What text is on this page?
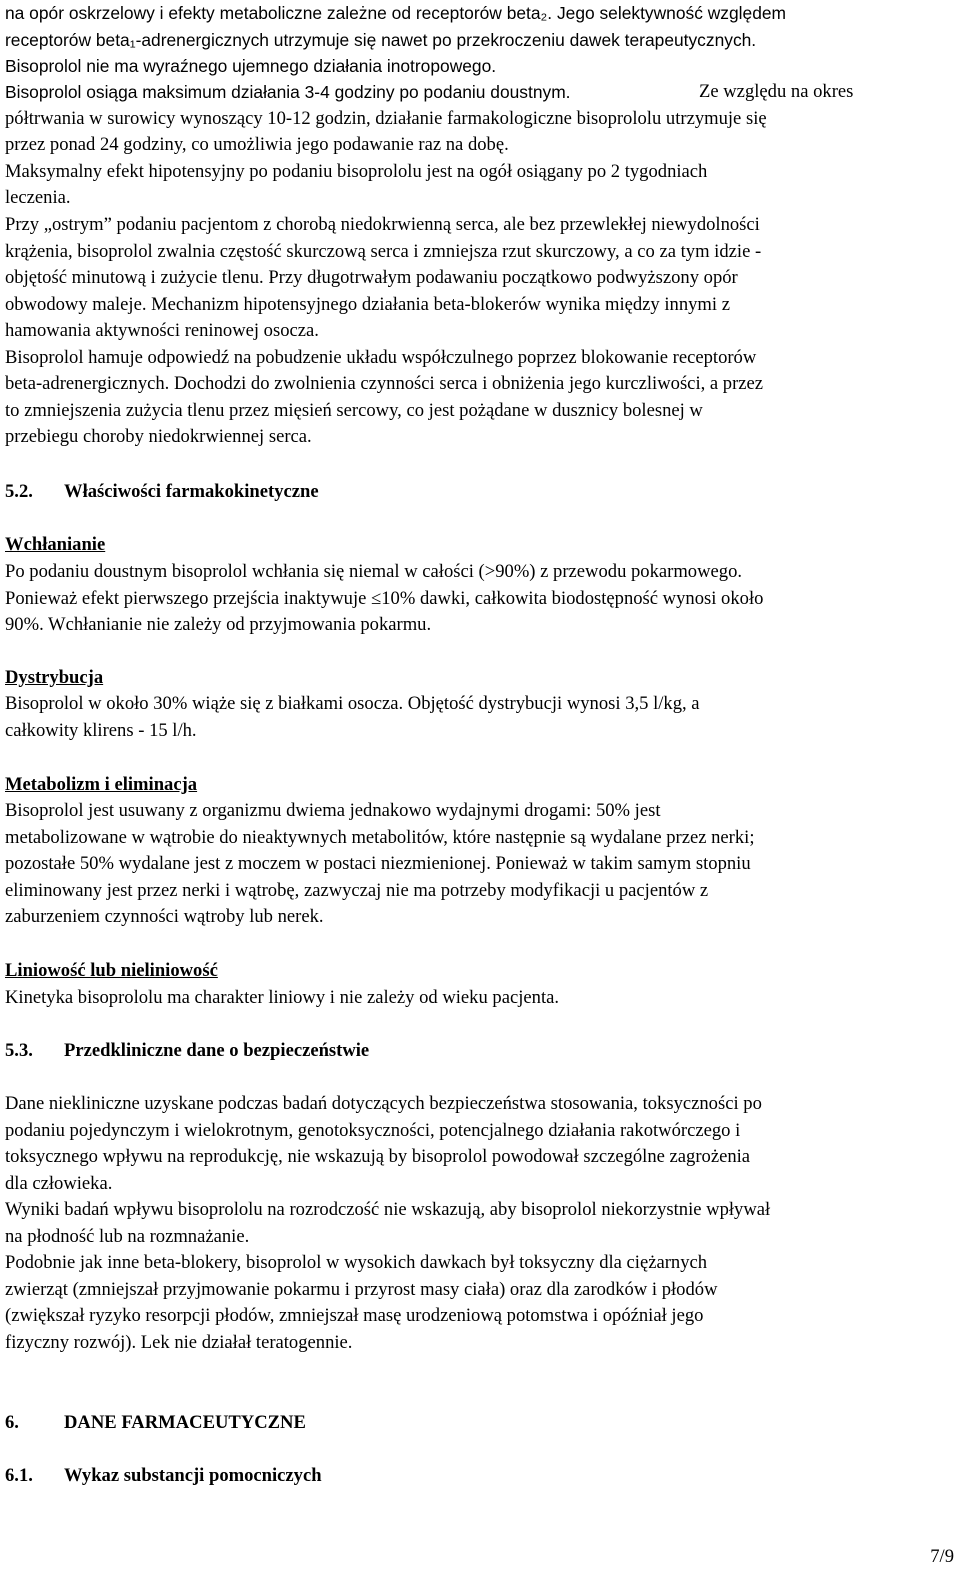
na opór oskrzelowy i efekty metaboliczne zależne od receptorów beta₂. Jego selektywność względem
receptorów beta₁-adrenergicznych utrzymuje się nawet po przekroczeniu dawek terapeutycznych.
Bisoprolol nie ma wyraźnego ujemnego działania inotropowego.

Bisoprolol osiąga maksimum działania 3-4 godziny po podaniu doustnym.	Ze względu na okres
półtrwania w surowicy wynoszący 10-12 godzin, działanie farmakologiczne bisoprololu utrzymuje się
przez ponad 24 godziny, co umożliwia jego podawanie raz na dobę.
Maksymalny efekt hipotensyjny po podaniu bisoprololu jest na ogół osiągany po 2 tygodniach
leczenia.

Przy „ostrym” podaniu pacjentom z chorobą niedokrwienną serca, ale bez przewlekłej niewydolności
krążenia, bisoprolol zwalnia częstość skurczową serca i zmniejsza rzut skurczowy, a co za tym idzie -
objętość minutową i zużycie tlenu. Przy długotrwałym podawaniu początkowo podwyższony opór
obwodowy maleje. Mechanizm hipotensyjnego działania beta-blokerów wynika między innymi z
hamowania aktywności reninowej osocza.
Bisoprolol hamuje odpowiedź na pobudzenie układu współczulnego poprzez blokowanie receptorów
beta-adrenergicznych. Dochodzi do zwolnienia czynności serca i obniżenia jego kurczliwości, a przez
to zmniejszenia zużycia tlenu przez mięsień sercowy, co jest pożądane w dusznicy bolesnej w
przebiegu choroby niedokrwiennej serca.

5.2. Właściwości farmakokinetyczne
Wchłanianie

Po podaniu doustnym bisoprolol wchłania się niemal w całości (>90%) z przewodu pokarmowego.
Ponieważ efekt pierwszego przejścia inaktywuje ≤10% dawki, całkowita biodostępność wynosi około
90%. Wchłanianie nie zależy od przyjmowania pokarmu.

Dystrybucja

Bisoprolol w około 30% wiąże się z białkami osocza. Objętość dystrybucji wynosi 3,5 l/kg, a
całkowity klirens - 15 l/h.

Metabolizm i eliminacja

Bisoprolol jest usuwany z organizmu dwiema jednakowo wydajnymi drogami: 50% jest
metabolizowane w wątrobie do nieaktywnych metabolitów, które następnie są wydalane przez nerki;
pozostałe 50% wydalane jest z moczem w postaci niezmienionej. Ponieważ w takim samym stopniu
eliminowany jest przez nerki i wątrobę, zazwyczaj nie ma potrzeby modyfikacji u pacjentów z
zaburzeniem czynności wątroby lub nerek.

Liniowość lub nieliniowość

Kinetyka bisoprololu ma charakter liniowy i nie zależy od wieku pacjenta.

5.3. Przedkliniczne dane o bezpieczeństwie

Dane niekliniczne uzyskane podczas badań dotyczących bezpieczeństwa stosowania, toksyczności po
podaniu pojedynczym i wielokrotnym, genotoksyczności, potencjalnego działania rakotwórczego i
toksycznego wpływu na reprodukcję, nie wskazują by bisoprolol powodował szczególne zagrożenia
dla człowieka.
Wyniki badań wpływu bisoprololu na rozrodczość nie wskazują, aby bisoprolol niekorzystnie wpływał
na płodność lub na rozmnażanie.
Podobnie jak inne beta-blokery, bisoprolol w wysokich dawkach był toksyczny dla ciężarnych
zwierząt (zmniejszał przyjmowanie pokarmu i przyrost masy ciała) oraz dla zarodków i płodów
(zwiększał ryzyko resorpcji płodów, zmniejszał masę urodzeniową potomstwa i opóźniał jego
fizyczny rozwój). Lek nie działał teratogennie.

6. DANE FARMACEUTYCZNE
6.1. Wykaz substancji pomocniczych
7/9
